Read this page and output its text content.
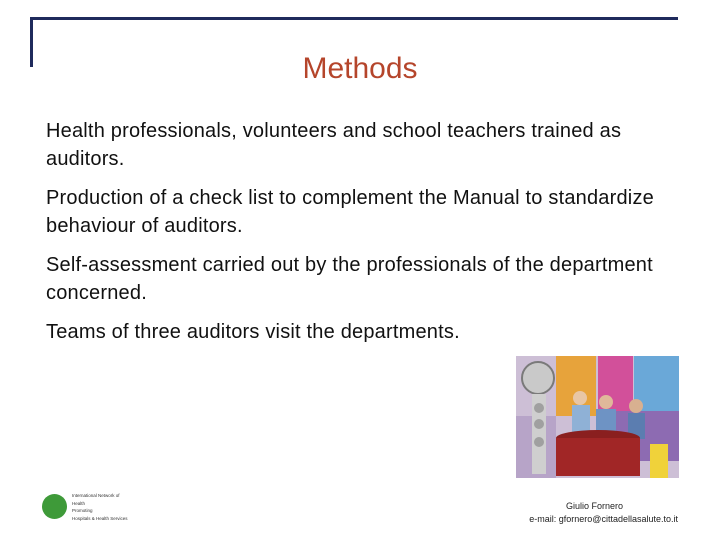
Methods

Health professionals, volunteers and school teachers trained as auditors.

Production of a check list to complement the Manual to standardize behaviour of auditors.

Self-assessment carried out by the professionals of the department concerned.

Teams of three auditors visit the departments.

International Network of
Health
Promoting
Hospitals & Health Services
Giulio Fornero
e-mail: gfornero@cittadellasalute.to.it
